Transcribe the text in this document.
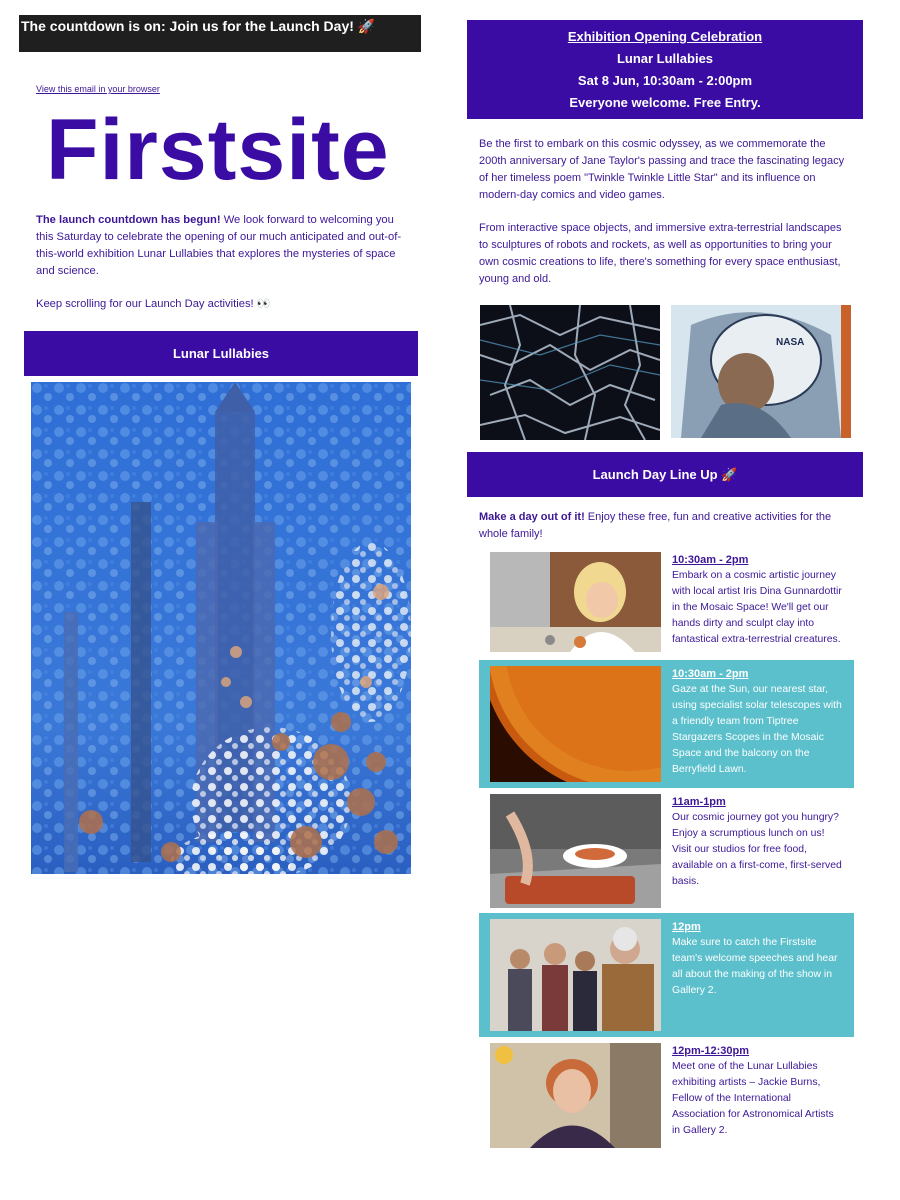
The countdown is on: Join us for the Launch Day! 🚀
View this email in your browser
Firstsite

The launch countdown has begun! We look forward to welcoming you this Saturday to celebrate the opening of our much anticipated and out-of-this-world exhibition Lunar Lullabies that explores the mysteries of space and science.

Keep scrolling for our Launch Day activities! 👀

Lunar Lullabies
Exhibition Opening Celebration
Lunar Lullabies
Sat 8 Jun, 10:30am - 2:00pm
Everyone welcome. Free Entry.

Be the first to embark on this cosmic odyssey, as we commemorate the 200th anniversary of Jane Taylor's passing and trace the fascinating legacy of her timeless poem "Twinkle Twinkle Little Star" and its influence on modern-day comics and video games.

From interactive space objects, and immersive extra-terrestrial landscapes to sculptures of robots and rockets, as well as opportunities to bring your own cosmic creations to life, there's something for every space enthusiast, young and old.

NASA
Launch Day Line Up 🚀
Make a day out of it! Enjoy these free, fun and creative activities for the whole family!
10:30am - 2pm
Embark on a cosmic artistic journey with local artist Iris Dina Gunnardottir in the Mosaic Space! We'll get our hands dirty and sculpt clay into fantastical extra-terrestrial creatures.
10:30am - 2pm
Gaze at the Sun, our nearest star, using specialist solar telescopes with a friendly team from Tiptree Stargazers Scopes in the Mosaic Space and the balcony on the Berryfield Lawn.
11am-1pm
Our cosmic journey got you hungry? Enjoy a scrumptious lunch on us! Visit our studios for free food, available on a first-come, first-served basis.
12pm
Make sure to catch the Firstsite team's welcome speeches and hear all about the making of the show in Gallery 2.
12pm-12:30pm
Meet one of the Lunar Lullabies exhibiting artists – Jackie Burns, Fellow of the International Association for Astronomical Artists in Gallery 2.
